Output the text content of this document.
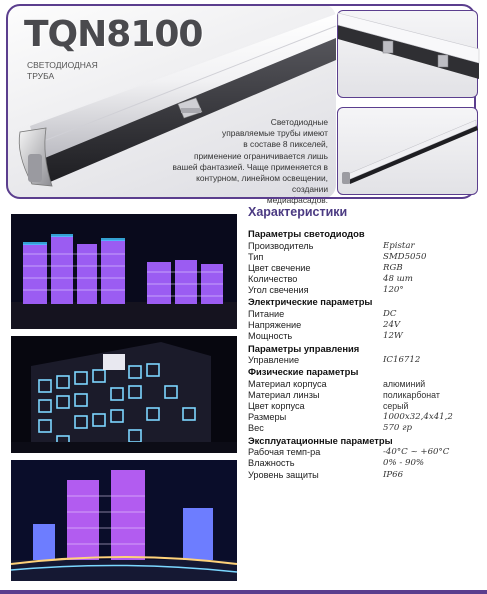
TQN8100
СВЕТОДИОДНАЯ
ТРУБА
Светодиодные
управляемые трубы имеют
в составе 8 пикселей,
применение ограничивается лишь
вашей фантазией. Чаще применяется в
контурном, линейном освещении, создании
медиафасадов.
Характеристики
Параметры светодиодов
Производитель	Epistar
Тип	SMD5050
Цвет свечение	RGB
Количество	48 шт
Угол свечения	120°
Электрические параметры
Питание	DC
Напряжение	24V
Мощность	12W
Параметры управления
Управление	IC16712
Физические параметры
Материал корпуса	алюминий
Материал линзы	поликарбонат
Цвет корпуса	серый
Размеры	1000x32,4x41,2
Вес	570 гр
Эксплуатационные параметры
Рабочая темп-ра	-40°C ~ +60°C
Влажность	0% - 90%
Уровень защиты	IP66
